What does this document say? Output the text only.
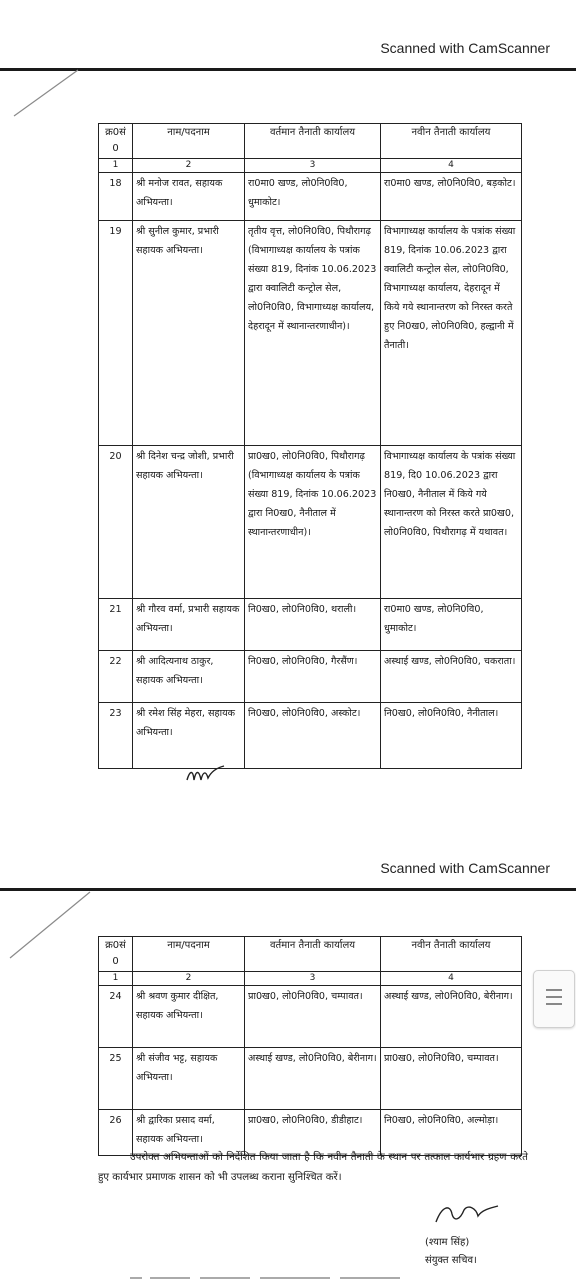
Scanned with CamScanner
क्र0सं0	नाम/पदनाम	वर्तमान तैनाती कार्यालय	नवीन तैनाती कार्यालय
1	2	3	4
18	श्री मनोज रावत, सहायक अभियन्ता।	रा0मा0 खण्ड, लो0नि0वि0, धुमाकोट।	रा0मा0 खण्ड, लो0नि0वि0, बड़कोट।
19	श्री सुनील कुमार, प्रभारी सहायक अभियन्ता।	तृतीय वृत्त, लो0नि0वि0, पिथौरागढ़ (विभागाध्यक्ष कार्यालय के पत्रांक संख्या 819, दिनांक 10.06.2023 द्वारा क्वालिटी कन्ट्रोल सेल, लो0नि0वि0, विभागाध्यक्ष कार्यालय, देहरादून में स्थानान्तरणाधीन)।	विभागाध्यक्ष कार्यालय के पत्रांक संख्या 819, दिनांक 10.06.2023 द्वारा क्वालिटी कन्ट्रोल सेल, लो0नि0वि0, विभागाध्यक्ष कार्यालय, देहरादून में किये गये स्थानान्तरण को निरस्त करते हुए नि0ख0, लो0नि0वि0, हल्द्वानी में तैनाती।
20	श्री दिनेश चन्द्र जोशी, प्रभारी सहायक अभियन्ता।	प्रा0ख0, लो0नि0वि0, पिथौरागढ़ (विभागाध्यक्ष कार्यालय के पत्रांक संख्या 819, दिनांक 10.06.2023 द्वारा नि0ख0, नैनीताल में स्थानान्तरणाधीन)।	विभागाध्यक्ष कार्यालय के पत्रांक संख्या 819, दि0 10.06.2023 द्वारा नि0ख0, नैनीताल में किये गये स्थानान्तरण को निरस्त करते प्रा0ख0, लो0नि0वि0, पिथौरागढ़ में यथावत।
21	श्री गौरव वर्मा, प्रभारी सहायक अभियन्ता।	नि0ख0, लो0नि0वि0, थराली।	रा0मा0 खण्ड, लो0नि0वि0, धुमाकोट।
22	श्री आदित्यनाथ ठाकुर, सहायक अभियन्ता।	नि0ख0, लो0नि0वि0, गैरसैंण।	अस्थाई खण्ड, लो0नि0वि0, चकराता।
23	श्री रमेश सिंह मेहरा, सहायक अभियन्ता।	नि0ख0, लो0नि0वि0, अस्कोट।	नि0ख0, लो0नि0वि0, नैनीताल।
Scanned with CamScanner
क्र0सं0	नाम/पदनाम	वर्तमान तैनाती कार्यालय	नवीन तैनाती कार्यालय
1	2	3	4
24	श्री श्रवण कुमार दीक्षित, सहायक अभियन्ता।	प्रा0ख0, लो0नि0वि0, चम्पावत।	अस्थाई खण्ड, लो0नि0वि0, बेरीनाग।
25	श्री संजीव भट्ट, सहायक अभियन्ता।	अस्थाई खण्ड, लो0नि0वि0, बेरीनाग।	प्रा0ख0, लो0नि0वि0, चम्पावत।
26	श्री द्वारिका प्रसाद वर्मा, सहायक अभियन्ता।	प्रा0ख0, लो0नि0वि0, डीडीहाट।	नि0ख0, लो0नि0वि0, अल्मोड़ा।

उपरोक्त अभियन्ताओं को निर्देशित किया जाता है कि नवीन तैनाती के स्थान पर तत्काल कार्यभार ग्रहण करते हुए कार्यभार प्रमाणक शासन को भी उपलब्ध कराना सुनिश्चित करें।

(श्याम सिंह)
संयुक्त सचिव।
